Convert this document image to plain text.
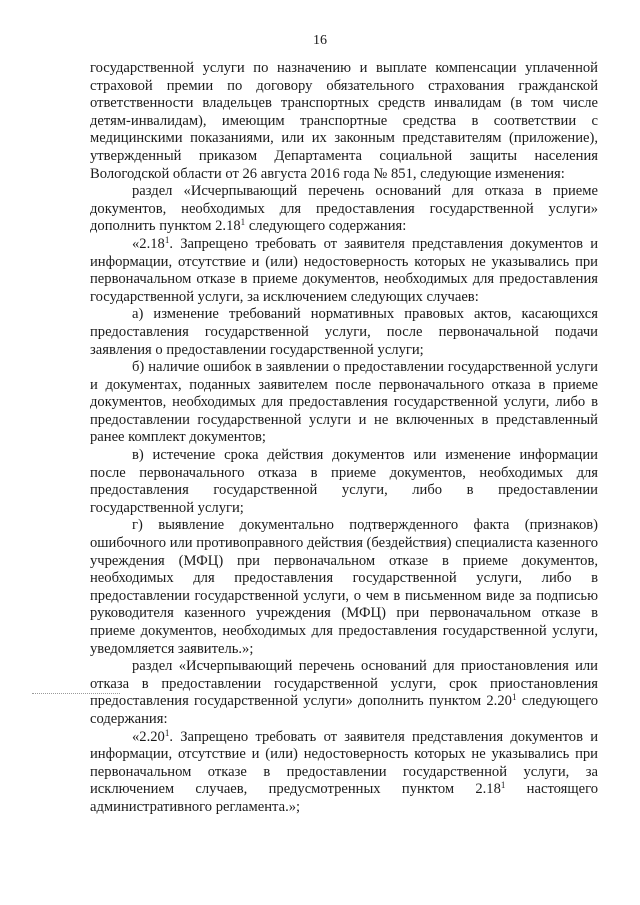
16

государственной услуги по назначению и выплате компенсации уплаченной страховой премии по договору обязательного страхования гражданской ответственности владельцев транспортных средств инвалидам (в том числе детям-инвалидам), имеющим транспортные средства в соответствии с медицинскими показаниями, или их законным представителям (приложение), утвержденный приказом Департамента социальной защиты населения Вологодской области от 26 августа 2016 года № 851, следующие изменения:

раздел «Исчерпывающий перечень оснований для отказа в приеме документов, необходимых для предоставления государственной услуги» дополнить пунктом 2.18$^1$ следующего содержания:

«2.18$^1$. Запрещено требовать от заявителя представления документов и информации, отсутствие и (или) недостоверность которых не указывались при первоначальном отказе в приеме документов, необходимых для предоставления государственной услуги, за исключением следующих случаев:

а) изменение требований нормативных правовых актов, касающихся предоставления государственной услуги, после первоначальной подачи заявления о предоставлении государственной услуги;

б) наличие ошибок в заявлении о предоставлении государственной услуги и документах, поданных заявителем после первоначального отказа в приеме документов, необходимых для предоставления государственной услуги, либо в предоставлении государственной услуги и не включенных в представленный ранее комплект документов;

в) истечение срока действия документов или изменение информации после первоначального отказа в приеме документов, необходимых для предоставления государственной услуги, либо в предоставлении государственной услуги;

г) выявление документально подтвержденного факта (признаков) ошибочного или противоправного действия (бездействия) специалиста казенного учреждения (МФЦ) при первоначальном отказе в приеме документов, необходимых для предоставления государственной услуги, либо в предоставлении государственной услуги, о чем в письменном виде за подписью руководителя казенного учреждения (МФЦ) при первоначальном отказе в приеме документов, необходимых для предоставления государственной услуги, уведомляется заявитель.»;

раздел «Исчерпывающий перечень оснований для приостановления или отказа в предоставлении государственной услуги, срок приостановления предоставления государственной услуги» дополнить пунктом 2.20$^1$ следующего содержания:

«2.20$^1$. Запрещено требовать от заявителя представления документов и информации, отсутствие и (или) недостоверность которых не указывались при первоначальном отказе в предоставлении государственной услуги, за исключением случаев, предусмотренных пунктом 2.18$^1$ настоящего административного регламента.»;
